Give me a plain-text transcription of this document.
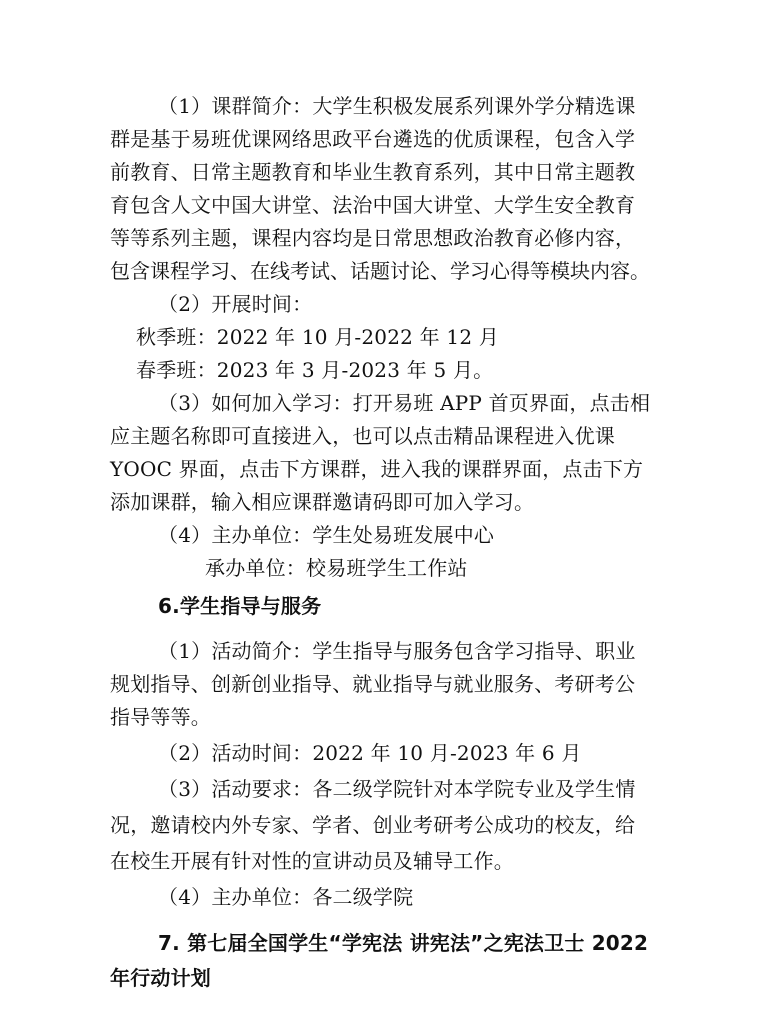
（1）课群简介：大学生积极发展系列课外学分精选课
群是基于易班优课网络思政平台遴选的优质课程，包含入学
前教育、日常主题教育和毕业生教育系列，其中日常主题教
育包含人文中国大讲堂、法治中国大讲堂、大学生安全教育
等等系列主题，课程内容均是日常思想政治教育必修内容，
包含课程学习、在线考试、话题讨论、学习心得等模块内容。
（2）开展时间：
秋季班：2022 年 10 月-2022 年 12 月
春季班：2023 年 3 月-2023 年 5 月。
（3）如何加入学习：打开易班 APP 首页界面，点击相
应主题名称即可直接进入，也可以点击精品课程进入优课
YOOC 界面，点击下方课群，进入我的课群界面，点击下方
添加课群，输入相应课群邀请码即可加入学习。
（4）主办单位：学生处易班发展中心
承办单位：校易班学生工作站
6.学生指导与服务
（1）活动简介：学生指导与服务包含学习指导、职业
规划指导、创新创业指导、就业指导与就业服务、考研考公
指导等等。
（2）活动时间：2022 年 10 月-2023 年 6 月
（3）活动要求：各二级学院针对本学院专业及学生情
况，邀请校内外专家、学者、创业考研考公成功的校友，给
在校生开展有针对性的宣讲动员及辅导工作。
（4）主办单位：各二级学院
7. 第七届全国学生“学宪法 讲宪法”之宪法卫士 2022
年行动计划
